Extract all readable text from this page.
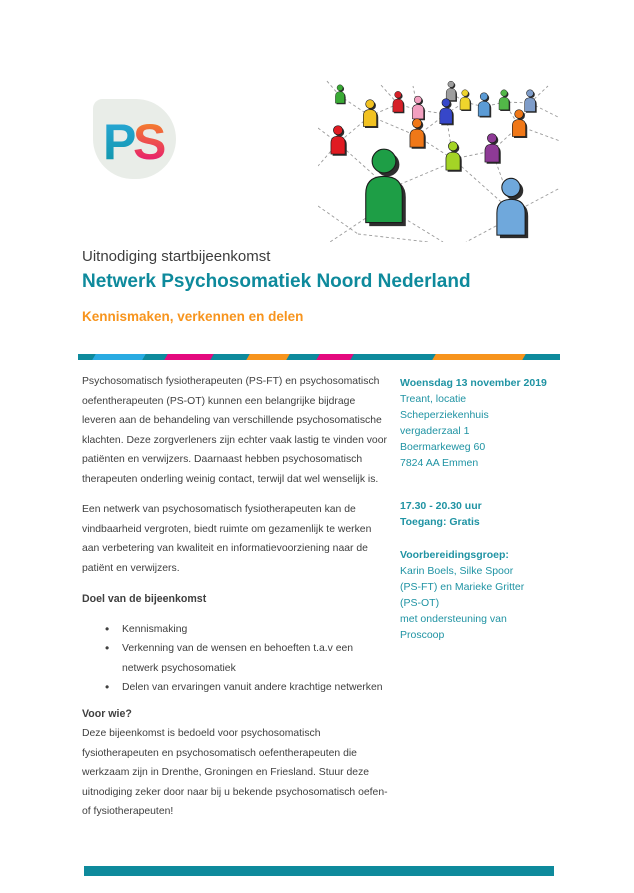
P
S
Uitnodiging startbijeenkomst
Netwerk Psychosomatiek Noord Nederland
Kennismaken, verkennen en delen

Psychosomatisch fysiotherapeuten (PS-FT) en psychosomatisch
oefentherapeuten (PS-OT) kunnen een belangrijke bijdrage
leveren aan de behandeling van verschillende psychosomatische
klachten. Deze zorgverleners zijn echter vaak lastig te vinden voor
patiënten en verwijzers. Daarnaast hebben psychosomatisch
therapeuten onderling weinig contact, terwijl dat wel wenselijk is.

Een netwerk van psychosomatisch fysiotherapeuten kan de
vindbaarheid vergroten, biedt ruimte om gezamenlijk te werken
aan verbetering van kwaliteit en informatievoorziening naar de
patiënt en verwijzers.

Doel van de bijeenkomst
• Kennismaking
• Verkenning van de wensen en behoeften t.a.v een
netwerk psychosomatiek
• Delen van ervaringen vanuit andere krachtige netwerken
Voor wie?

Deze bijeenkomst is bedoeld voor psychosomatisch
fysiotherapeuten en psychosomatisch oefentherapeuten die
werkzaam zijn in Drenthe, Groningen en Friesland. Stuur deze
uitnodiging zeker door naar bij u bekende psychosomatisch oefen-
of fysiotherapeuten!

Woensdag 13 november 2019
Treant, locatie
Scheperziekenhuis
vergaderzaal 1
Boermarkeweg 60
7824 AA Emmen
17.30 - 20.30 uur
Toegang: Gratis
Voorbereidingsgroep:
Karin Boels, Silke Spoor
(PS-FT) en Marieke Gritter
(PS-OT)
met ondersteuning van
Proscoop
